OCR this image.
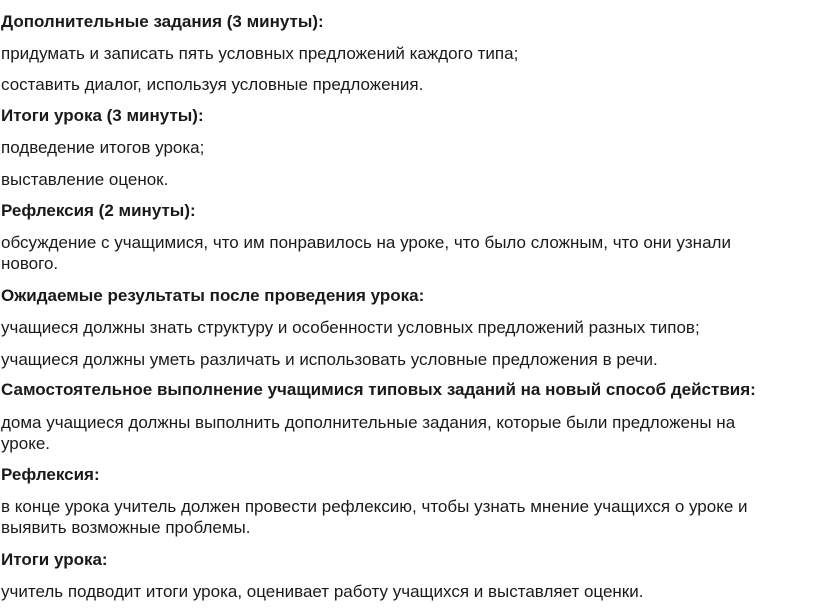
Дополнительные задания (3 минуты):

придумать и записать пять условных предложений каждого типа;

составить диалог, используя условные предложения.

Итоги урока (3 минуты):

подведение итогов урока;

выставление оценок.

Рефлексия (2 минуты):

обсуждение с учащимися, что им понравилось на уроке, что было сложным, что они узнали

нового.

Ожидаемые результаты после проведения урока:

учащиеся должны знать структуру и особенности условных предложений разных типов;

учащиеся должны уметь различать и использовать условные предложения в речи.

Самостоятельное выполнение учащимися типовых заданий на новый способ действия:

дома учащиеся должны выполнить дополнительные задания, которые были предложены на

уроке.

Рефлексия:

в конце урока учитель должен провести рефлексию, чтобы узнать мнение учащихся о уроке и

выявить возможные проблемы.

Итоги урока:

учитель подводит итоги урока, оценивает работу учащихся и выставляет оценки.
